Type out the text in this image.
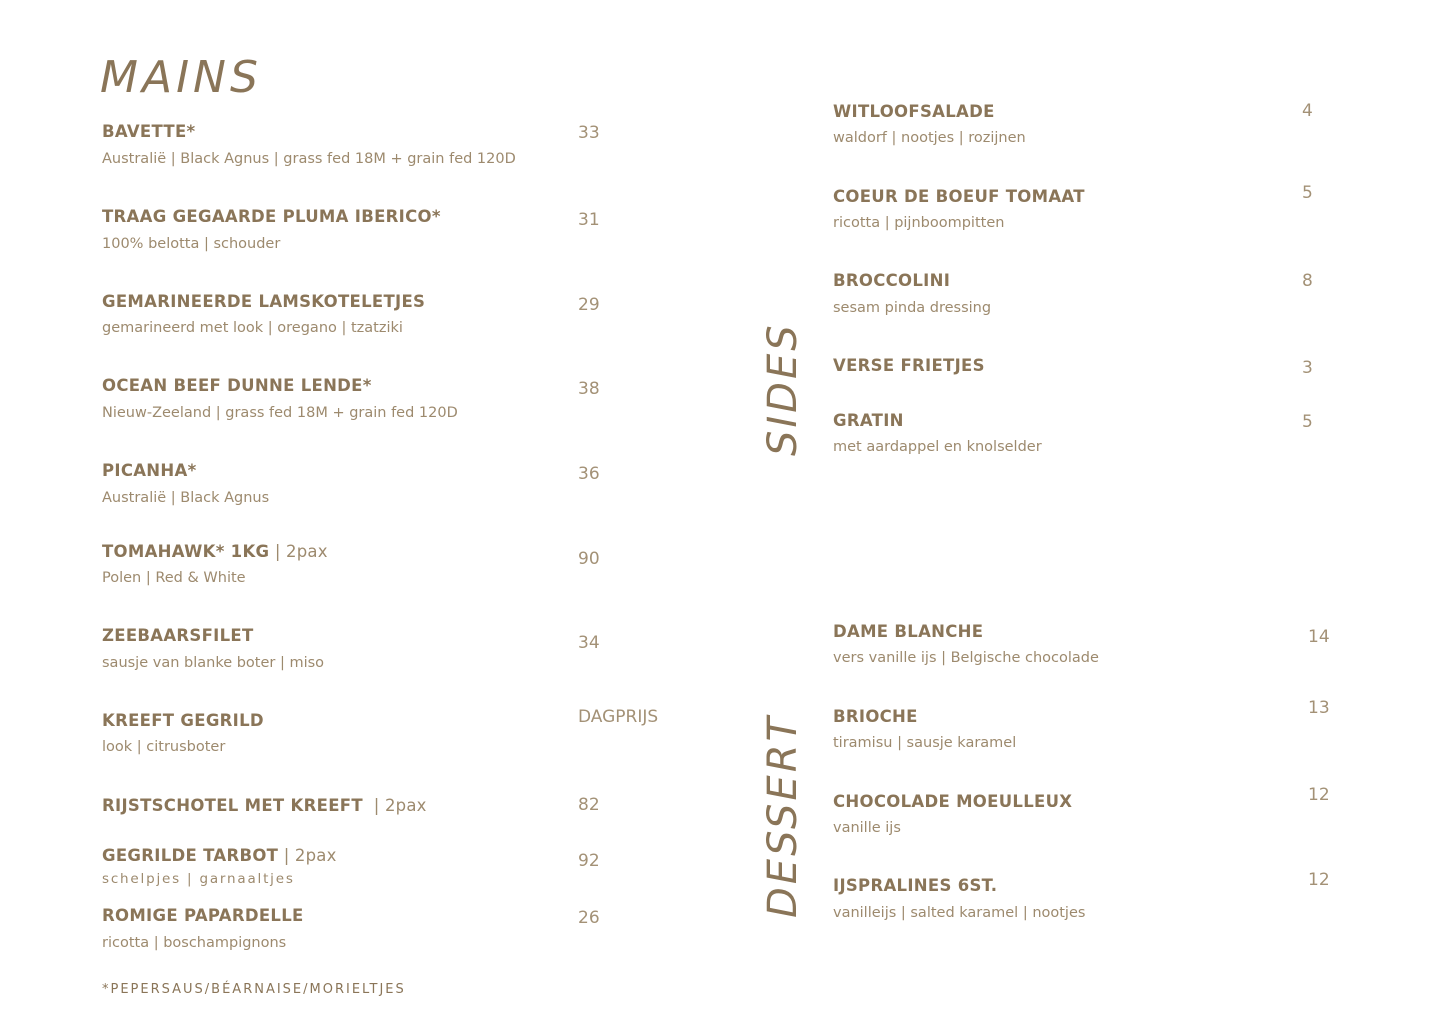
MAINS
BAVETTE*
Australië | Black Agnus | grass fed 18M + grain fed 120D
33
TRAAG GEGAARDE PLUMA IBERICO*
100% belotta | schouder
31
GEMARINEERDE LAMSKOTELETJES
gemarineerd met look | oregano | tzatziki
29
OCEAN BEEF DUNNE LENDE*
Nieuw-Zeeland | grass fed 18M + grain fed 120D
38
PICANHA*
Australië | Black Agnus
36
TOMAHAWK* 1KG | 2pax
Polen | Red & White
90
ZEEBAARSFILET
sausje van blanke boter | miso
34
KREEFT GEGRILD
look | citrusboter
DAGPRIJS
RIJSTSCHOTEL MET KREEFT  | 2pax	82
GEGRILDE TARBOT | 2pax
schelpjes | garnaaltjes
92
ROMIGE PAPARDELLE
ricotta | boschampignons
26
*PEPERSAUS/BÉARNAISE/MORIELTJES
SIDES
WITLOOFSALADE
waldorf | nootjes | rozijnen
4
COEUR DE BOEUF TOMAAT
ricotta | pijnboompitten
5
BROCCOLINI
sesam pinda dressing
8
VERSE FRIETJES	3
GRATIN
met aardappel en knolselder
5
DESSERT
DAME BLANCHE
vers vanille ijs | Belgische chocolade
14
BRIOCHE
tiramisu | sausje karamel
13
CHOCOLADE MOEULLEUX
vanille ijs
12
IJSPRALINES 6ST.
vanilleijs | salted karamel | nootjes
12
